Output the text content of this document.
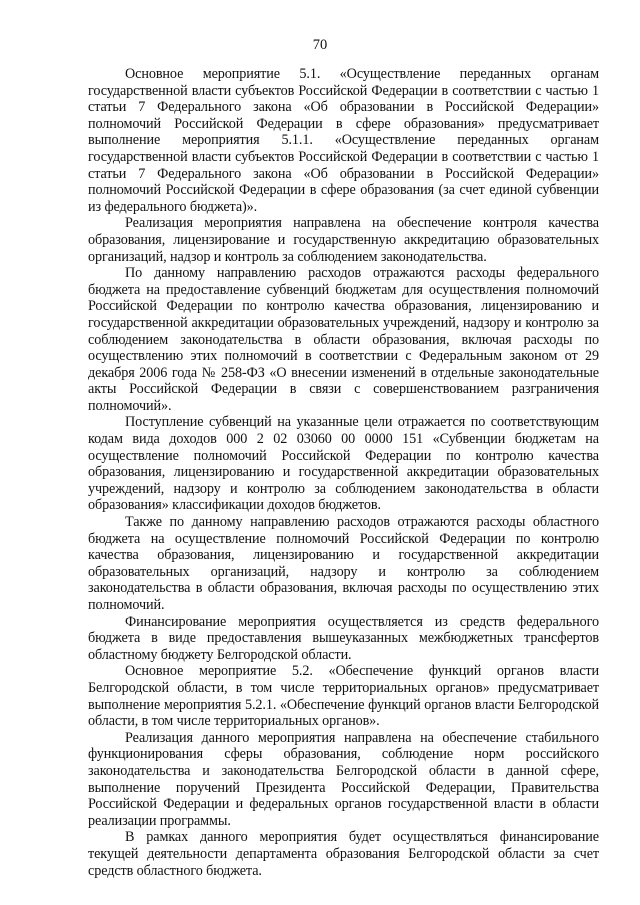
70

Основное мероприятие 5.1. «Осуществление переданных органам государственной власти субъектов Российской Федерации в соответствии с частью 1 статьи 7 Федерального закона «Об образовании в Российской Федерации» полномочий Российской Федерации в сфере образования» предусматривает выполнение мероприятия 5.1.1. «Осуществление переданных органам государственной власти субъектов Российской Федерации в соответствии с частью 1 статьи 7 Федерального закона «Об образовании в Российской Федерации» полномочий Российской Федерации в сфере образования (за счет единой субвенции из федерального бюджета)».

Реализация мероприятия направлена на обеспечение контроля качества образования, лицензирование и государственную аккредитацию образовательных организаций, надзор и контроль за соблюдением законодательства.

По данному направлению расходов отражаются расходы федерального бюджета на предоставление субвенций бюджетам для осуществления полномочий Российской Федерации по контролю качества образования, лицензированию и государственной аккредитации образовательных учреждений, надзору и контролю за соблюдением законодательства в области образования, включая расходы по осуществлению этих полномочий в соответствии с Федеральным законом от 29 декабря 2006 года № 258-ФЗ «О внесении изменений в отдельные законодательные акты Российской Федерации в связи с совершенствованием разграничения полномочий».

Поступление субвенций на указанные цели отражается по соответствующим кодам вида доходов 000 2 02 03060 00 0000 151 «Субвенции бюджетам на осуществление полномочий Российской Федерации по контролю качества образования, лицензированию и государственной аккредитации образовательных учреждений, надзору и контролю за соблюдением законодательства в области образования» классификации доходов бюджетов.

Также по данному направлению расходов отражаются расходы областного бюджета на осуществление полномочий Российской Федерации по контролю качества образования, лицензированию и государственной аккредитации образовательных организаций, надзору и контролю за соблюдением законодательства в области образования, включая расходы по осуществлению этих полномочий.

Финансирование мероприятия осуществляется из средств федерального бюджета в виде предоставления вышеуказанных межбюджетных трансфертов областному бюджету Белгородской области.

Основное мероприятие 5.2. «Обеспечение функций органов власти Белгородской области, в том числе территориальных органов» предусматривает выполнение мероприятия 5.2.1. «Обеспечение функций органов власти Белгородской области, в том числе территориальных органов».

Реализация данного мероприятия направлена на обеспечение стабильного функционирования сферы образования, соблюдение норм российского законодательства и законодательства Белгородской области в данной сфере, выполнение поручений Президента Российской Федерации, Правительства Российской Федерации и федеральных органов государственной власти в области реализации программы.

В рамках данного мероприятия будет осуществляться финансирование текущей деятельности департамента образования Белгородской области за счет средств областного бюджета.
